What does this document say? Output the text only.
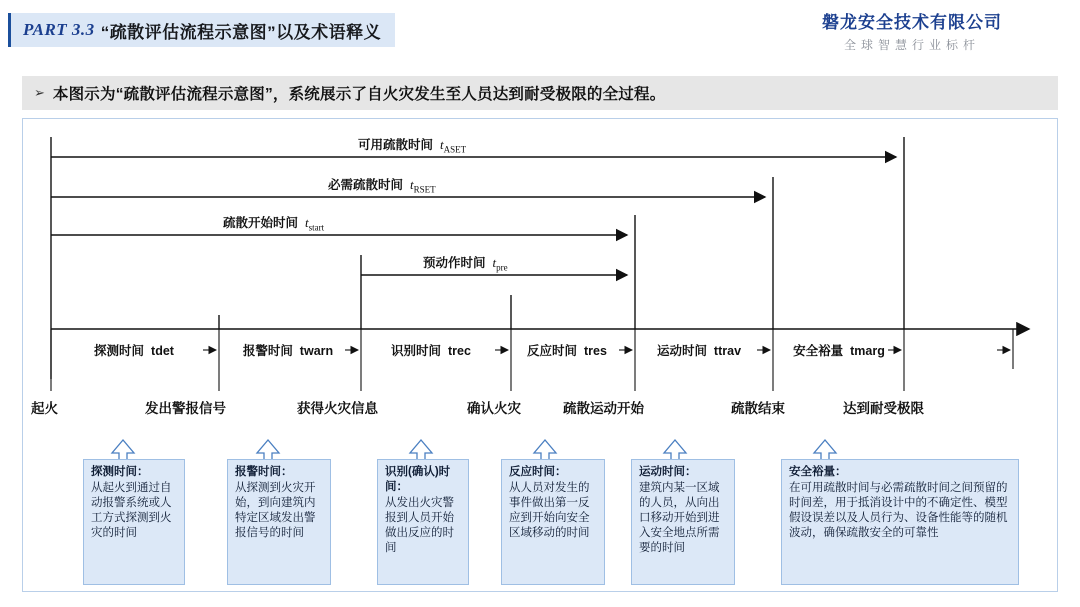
PART 3.3 “疏散评估流程示意图”以及术语释义	磐龙安全技术有限公司
全球智慧行业标杆
➢ 本图示为“疏散评估流程示意图”，系统展示了自火灾发生至人员达到耐受极限的全过程。
可用疏散时间 $t_{ASET}$
必需疏散时间 $t_{RSET}$
疏散开始时间 $t_{start}$
预动作时间 $t_{pre}$
探测时间 tdet	报警时间 twarn	识别时间 trec	反应时间 tres	运动时间 ttrav	安全裕量 tmarg
起火	发出警报信号	获得火灾信息	确认火灾	疏散运动开始	疏散结束	达到耐受极限
探测时间：
从起火到通过自动报警系统或人工方式探测到火灾的时间
报警时间：
从探测到火灾开始，到向建筑内特定区域发出警报信号的时间
识别(确认)时间：
从发出火灾警报到人员开始做出反应的时间
反应时间：
从人员对发生的事件做出第一反应到开始向安全区域移动的时间
运动时间：
建筑内某一区域的人员，从向出口移动开始到进入安全地点所需要的时间
安全裕量：
在可用疏散时间与必需疏散时间之间预留的时间差，用于抵消设计中的不确定性、模型假设误差以及人员行为、设备性能等的随机波动，确保疏散安全的可靠性
